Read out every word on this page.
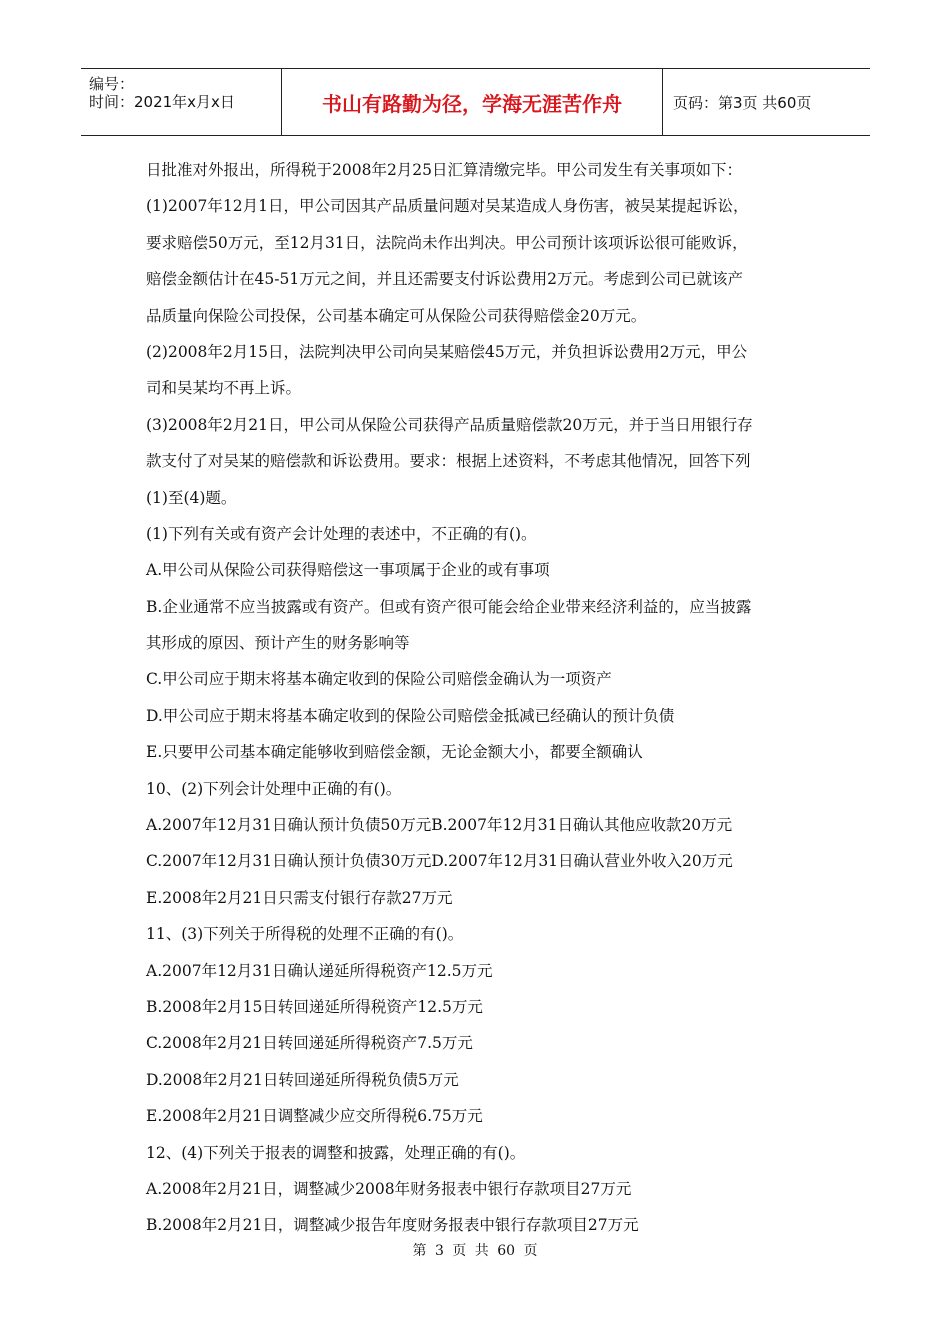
编号：
时间：2021年x月x日	书山有路勤为径，学海无涯苦作舟	页码：第3页 共60页
日批准对外报出，所得税于2008年2月25日汇算清缴完毕。甲公司发生有关事项如下：
(1)2007年12月1日，甲公司因其产品质量问题对吴某造成人身伤害，被吴某提起诉讼，
要求赔偿50万元，至12月31日，法院尚未作出判决。甲公司预计该项诉讼很可能败诉，
赔偿金额估计在45-51万元之间，并且还需要支付诉讼费用2万元。考虑到公司已就该产
品质量向保险公司投保，公司基本确定可从保险公司获得赔偿金20万元。
(2)2008年2月15日，法院判决甲公司向吴某赔偿45万元，并负担诉讼费用2万元，甲公
司和吴某均不再上诉。
(3)2008年2月21日，甲公司从保险公司获得产品质量赔偿款20万元，并于当日用银行存
款支付了对吴某的赔偿款和诉讼费用。要求：根据上述资料，不考虑其他情况，回答下列
(1)至(4)题。
(1)下列有关或有资产会计处理的表述中，不正确的有()。
A.甲公司从保险公司获得赔偿这一事项属于企业的或有事项
B.企业通常不应当披露或有资产。但或有资产很可能会给企业带来经济利益的，应当披露
其形成的原因、预计产生的财务影响等
C.甲公司应于期末将基本确定收到的保险公司赔偿金确认为一项资产
D.甲公司应于期末将基本确定收到的保险公司赔偿金抵减已经确认的预计负债
E.只要甲公司基本确定能够收到赔偿金额，无论金额大小，都要全额确认
10、(2)下列会计处理中正确的有()。
A.2007年12月31日确认预计负债50万元B.2007年12月31日确认其他应收款20万元
C.2007年12月31日确认预计负债30万元D.2007年12月31日确认营业外收入20万元
E.2008年2月21日只需支付银行存款27万元
11、(3)下列关于所得税的处理不正确的有()。
A.2007年12月31日确认递延所得税资产12.5万元
B.2008年2月15日转回递延所得税资产12.5万元
C.2008年2月21日转回递延所得税资产7.5万元
D.2008年2月21日转回递延所得税负债5万元
E.2008年2月21日调整减少应交所得税6.75万元
12、(4)下列关于报表的调整和披露，处理正确的有()。
A.2008年2月21日，调整减少2008年财务报表中银行存款项目27万元
B.2008年2月21日，调整减少报告年度财务报表中银行存款项目27万元
第 3 页 共 60 页
